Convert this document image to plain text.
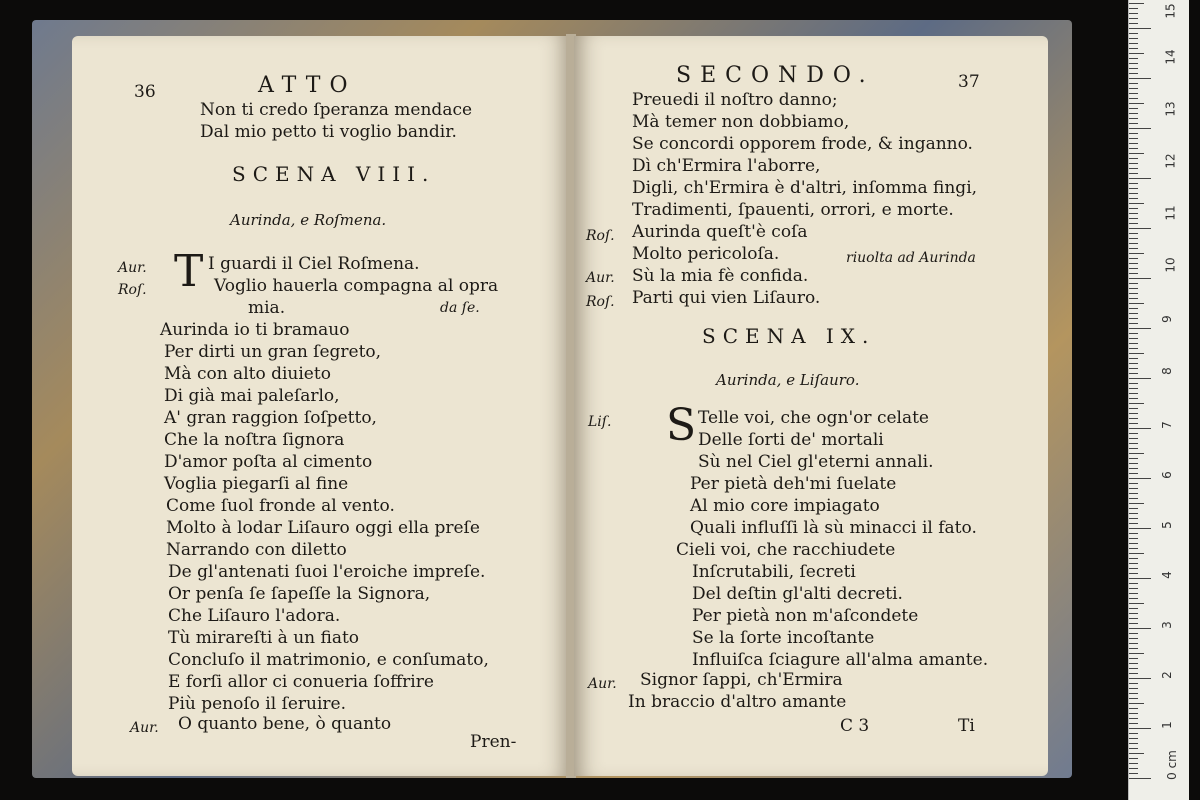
36	ATTO
Non ti credo ſperanza mendace
Dal mio petto ti voglio bandir.
SCENA VIII.
Aurinda, e Roſmena.
Aur. T I guardi il Ciel Roſmena.
Roſ.	Voglio hauerla compagna al opra
mia.	da ſe.
Aurinda io ti bramauo
Per dirti un gran ſegreto,
Mà con alto diuieto
Di già mai paleſarlo,
A' gran raggion ſoſpetto,
Che la noſtra ſignora
D'amor poſta al cimento
Voglia piegarſi al fine
Come ſuol fronde al vento.
Molto à lodar Liſauro oggi ella preſe
Narrando con diletto
De gl'antenati ſuoi l'eroiche impreſe.
Or penſa ſe ſapeſſe la Signora,
Che Liſauro l'adora.
Tù mirareſti à un fiato
Concluſo il matrimonio, e conſumato,
E forſi allor ci conueria ſoffrire
Più penoſo il ſeruire.
Aur. O quanto bene, ò quanto
Pren-
SECONDO.	37
Preuedi il noſtro danno;
Mà temer non dobbiamo,
Se concordi opporem frode, & inganno.
Dì ch'Ermira l'aborre,
Digli, ch'Ermira è d'altri, inſomma fingi,
Tradimenti, ſpauenti, orrori, e morte.
Roſ. Aurinda queſt'è coſa
Molto pericoloſa.	riuolta ad Aurinda
Aur. Sù la mia fè confida.
Roſ. Parti qui vien Liſauro.
SCENA IX.
Aurinda, e Liſauro.
Liſ. S Telle voi, che ogn'or celate
Delle ſorti de' mortali
Sù nel Ciel gl'eterni annali.
Per pietà deh'mi ſuelate
Al mio core impiagato
Quali influſſi là sù minacci il fato.
Cieli voi, che racchiudete
Inſcrutabili, ſecreti
Del deſtin gl'alti decreti.
Per pietà non m'aſcondete
Se la ſorte incoſtante
Influiſca ſciagure all'alma amante.
Aur. Signor ſappi, ch'Ermira
In braccio d'altro amante
C 3	Ti
0 cm
1
2
3
4
5
6
7
8
9
10
11
12
13
14
15
